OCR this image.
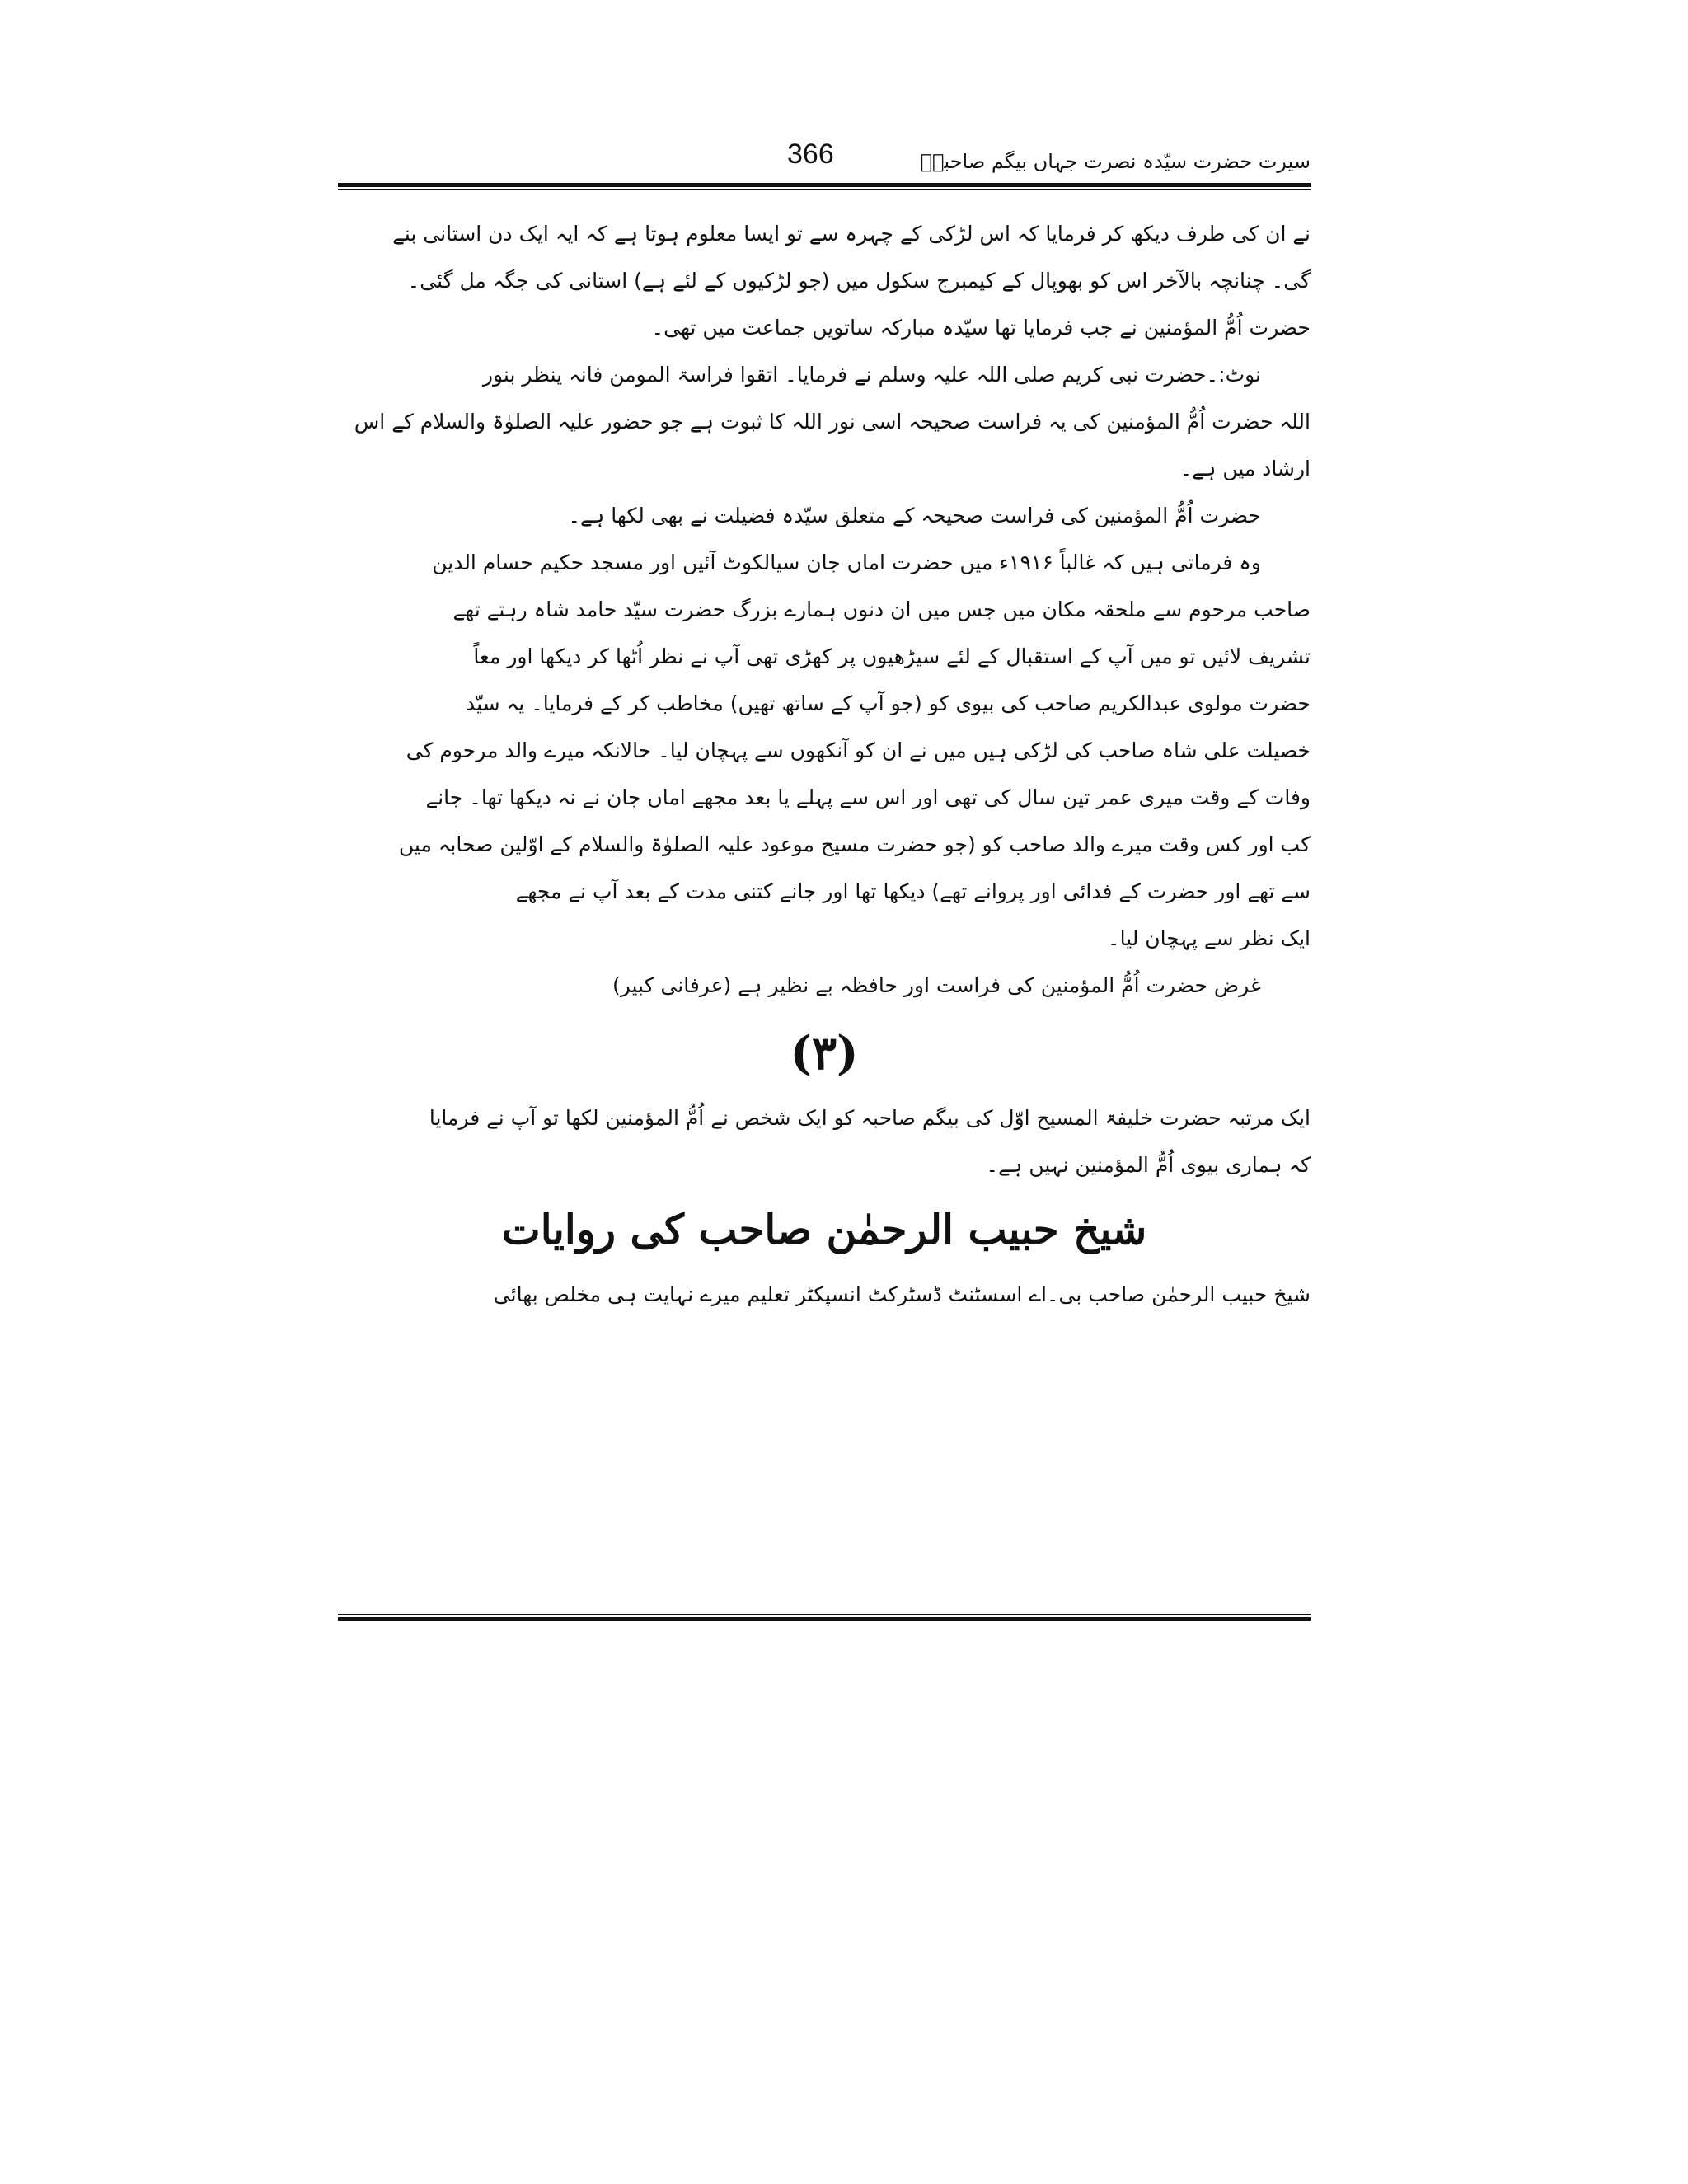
366	سیرت حضرت سیّدہ نصرت جہاں بیگم صاحبہؓ
نے ان کی طرف دیکھ کر فرمایا کہ اس لڑکی کے چہرہ سے تو ایسا معلوم ہوتا ہے کہ ایہ ایک دن استانی بنے
گی۔ چنانچہ بالآخر اس کو بھوپال کے کیمبرج سکول میں (جو لڑکیوں کے لئے ہے) استانی کی جگہ مل گئی۔
حضرت اُمُّ المؤمنین نے جب فرمایا تھا سیّدہ مبارکہ ساتویں جماعت میں تھی۔
نوٹ:۔حضرت نبی کریم صلی اللہ علیہ وسلم نے فرمایا۔ اتقوا فراسۃ المومن فانہ ینظر بنور
اللہ حضرت اُمُّ المؤمنین کی یہ فراست صحیحہ اسی نور اللہ کا ثبوت ہے جو حضور علیہ الصلوٰۃ والسلام کے اس
ارشاد میں ہے۔
حضرت اُمُّ المؤمنین کی فراست صحیحہ کے متعلق سیّدہ فضیلت نے بھی لکھا ہے۔
وہ فرماتی ہیں کہ غالباً ۱۹۱۶ء میں حضرت اماں جان سیالکوٹ آئیں اور مسجد حکیم حسام الدین
صاحب مرحوم سے ملحقہ مکان میں جس میں ان دنوں ہمارے بزرگ حضرت سیّد حامد شاہ رہتے تھے
تشریف لائیں تو میں آپ کے استقبال کے لئے سیڑھیوں پر کھڑی تھی آپ نے نظر اُٹھا کر دیکھا اور معاً
حضرت مولوی عبدالکریم صاحب کی بیوی کو (جو آپ کے ساتھ تھیں) مخاطب کر کے فرمایا۔ یہ سیّد
خصیلت علی شاہ صاحب کی لڑکی ہیں میں نے ان کو آنکھوں سے پہچان لیا۔ حالانکہ میرے والد مرحوم کی
وفات کے وقت میری عمر تین سال کی تھی اور اس سے پہلے یا بعد مجھے اماں جان نے نہ دیکھا تھا۔ جانے
کب اور کس وقت میرے والد صاحب کو (جو حضرت مسیح موعود علیہ الصلوٰۃ والسلام کے اوّلین صحابہ میں
سے تھے اور حضرت کے فدائی اور پروانے تھے) دیکھا تھا اور جانے کتنی مدت کے بعد آپ نے مجھے
ایک نظر سے پہچان لیا۔
غرض حضرت اُمُّ المؤمنین کی فراست اور حافظہ بے نظیر ہے (عرفانی کبیر)
(۳)
ایک مرتبہ حضرت خلیفۃ المسیح اوّل کی بیگم صاحبہ کو ایک شخص نے اُمُّ المؤمنین لکھا تو آپ نے فرمایا
کہ ہماری بیوی اُمُّ المؤمنین نہیں ہے۔
شیخ حبیب الرحمٰن صاحب کی روایات
شیخ حبیب الرحمٰن صاحب بی۔اے اسسٹنٹ ڈسٹرکٹ انسپکٹر تعلیم میرے نہایت ہی مخلص بھائی
